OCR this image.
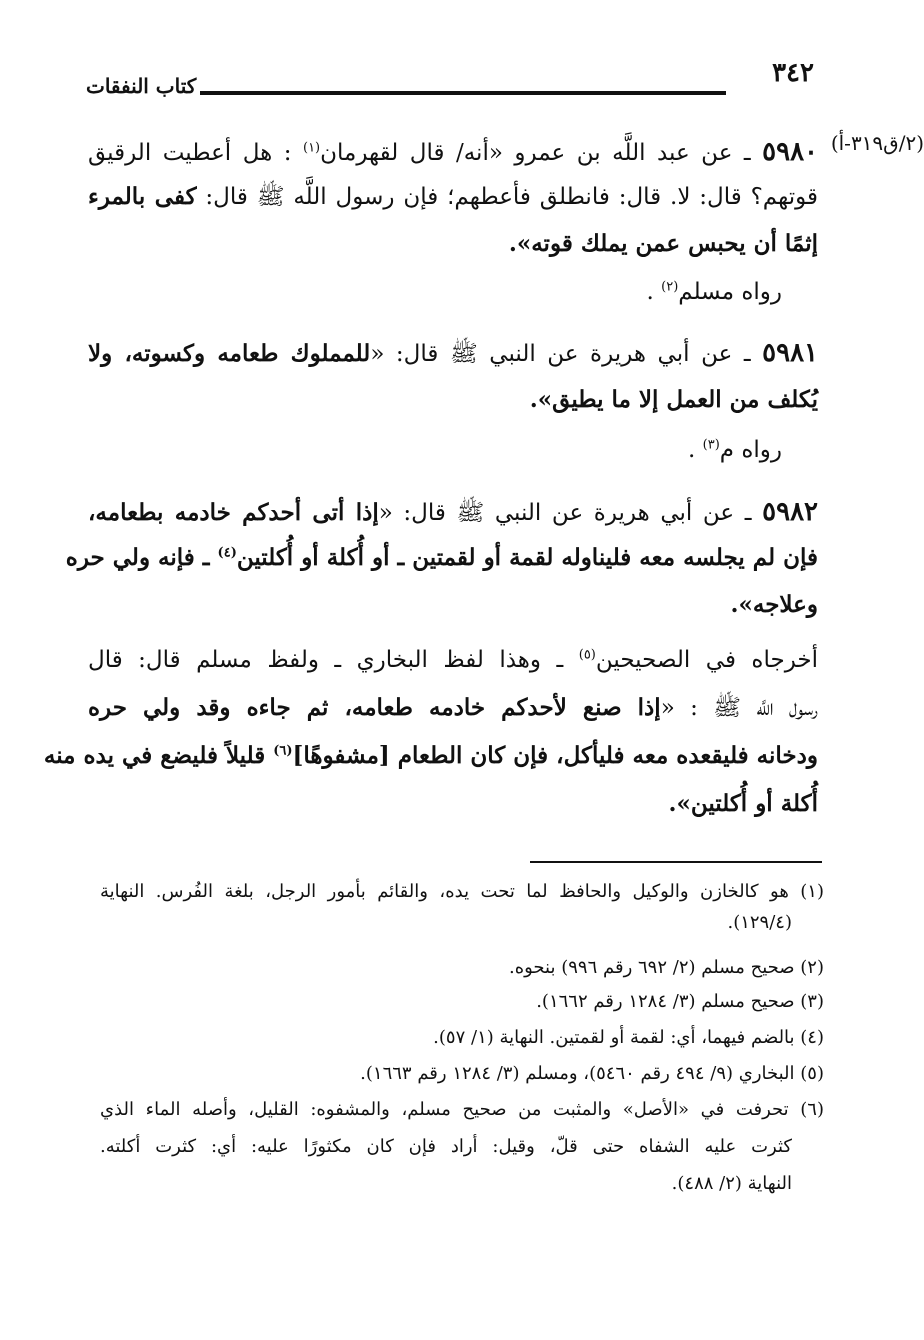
٣٤٢
كتاب النفقات
(٢/ق٣١٩-أ)
٥٩٨٠ ـ عن عبد اللَّه بن عمرو «أنه/ قال لقهرمان$^{(١)}$ : هل أعطيت الرقيق
قوتهم؟ قال: لا. قال: فانطلق فأعطهم؛ فإن رسول اللَّه ﷺ قال: كفى بالمرء
إثمًا أن يحبس عمن يملك قوته».
رواه مسلم$^{(٢)}$ .
٥٩٨١ ـ عن أبي هريرة عن النبي ﷺ قال: «للمملوك طعامه وكسوته، ولا
يُكلف من العمل إلا ما يطيق».
رواه م$^{(٣)}$ .
٥٩٨٢ ـ عن أبي هريرة عن النبي ﷺ قال: «إذا أتى أحدكم خادمه بطعامه،
فإن لم يجلسه معه فليناوله لقمة أو لقمتين ـ أو أُكلة أو أُكلتين$^{(٤)}$ ـ فإنه ولي حره
وعلاجه».
أخرجاه في الصحيحين$^{(٥)}$ ـ وهذا لفظ البخاري ـ ولفظ مسلم قال: قال
رسول اللَّه ﷺ : «إذا صنع لأحدكم خادمه طعامه، ثم جاءه وقد ولي حره
ودخانه فليقعده معه فليأكل، فإن كان الطعام [مشفوهًا]$^{(٦)}$ قليلاً فليضع في يده منه
أُكلة أو أُكلتين».
(١) هو كالخازن والوكيل والحافظ لما تحت يده، والقائم بأمور الرجل، بلغة الفُرس. النهاية
(١٢٩/٤).
(٢) صحيح مسلم (٢/ ٦٩٢ رقم ٩٩٦) بنحوه.
(٣) صحيح مسلم (٣/ ١٢٨٤ رقم ١٦٦٢).
(٤) بالضم فيهما، أي: لقمة أو لقمتين. النهاية (١/ ٥٧).
(٥) البخاري (٩/ ٤٩٤ رقم ٥٤٦٠)، ومسلم (٣/ ١٢٨٤ رقم ١٦٦٣).
(٦) تحرفت في «الأصل» والمثبت من صحيح مسلم، والمشفوه: القليل، وأصله الماء الذي
كثرت عليه الشفاه حتى قلّ، وقيل: أراد فإن كان مكثورًا عليه: أي: كثرت أكلته.
النهاية (٢/ ٤٨٨).
